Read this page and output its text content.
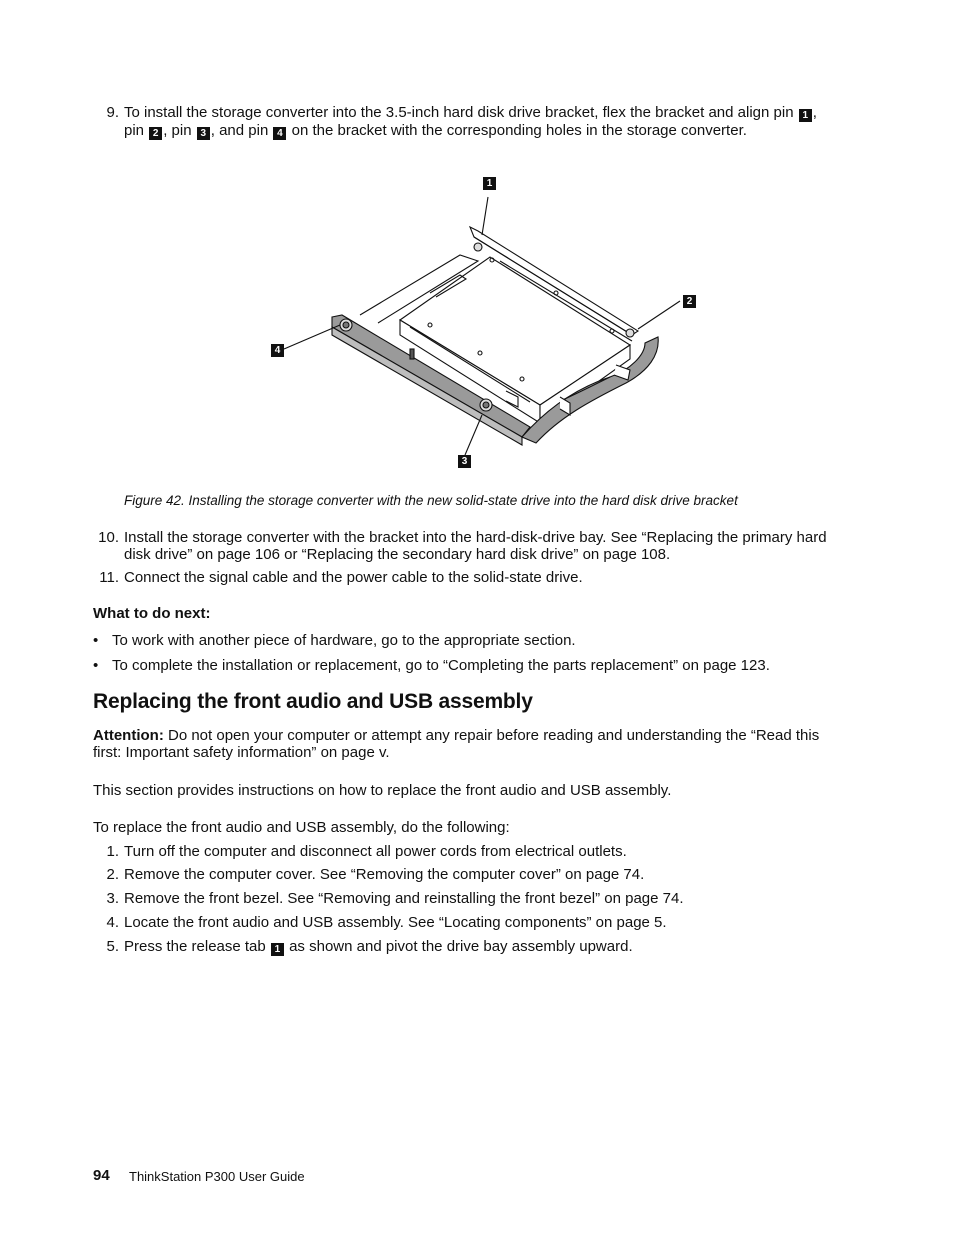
9. To install the storage converter into the 3.5-inch hard disk drive bracket, flex the bracket and align pin 1 ,
pin 2 , pin 3 , and pin 4 on the bracket with the corresponding holes in the storage converter.
1
2
3
4
Figure 42. Installing the storage converter with the new solid-state drive into the hard disk drive bracket
10. Install the storage converter with the bracket into the hard-disk-drive bay. See “Replacing the primary hard disk drive” on page 106 or “Replacing the secondary hard disk drive” on page 108.
11. Connect the signal cable and the power cable to the solid-state drive.
What to do next:
• To work with another piece of hardware, go to the appropriate section.
• To complete the installation or replacement, go to “Completing the parts replacement” on page 123.
Replacing the front audio and USB assembly
Attention: Do not open your computer or attempt any repair before reading and understanding the “Read this first: Important safety information” on page v.
This section provides instructions on how to replace the front audio and USB assembly.
To replace the front audio and USB assembly, do the following:
1. Turn off the computer and disconnect all power cords from electrical outlets.
2. Remove the computer cover. See “Removing the computer cover” on page 74.
3. Remove the front bezel. See “Removing and reinstalling the front bezel” on page 74.
4. Locate the front audio and USB assembly. See “Locating components” on page 5.
5. Press the release tab 1 as shown and pivot the drive bay assembly upward.
94 ThinkStation P300 User Guide
